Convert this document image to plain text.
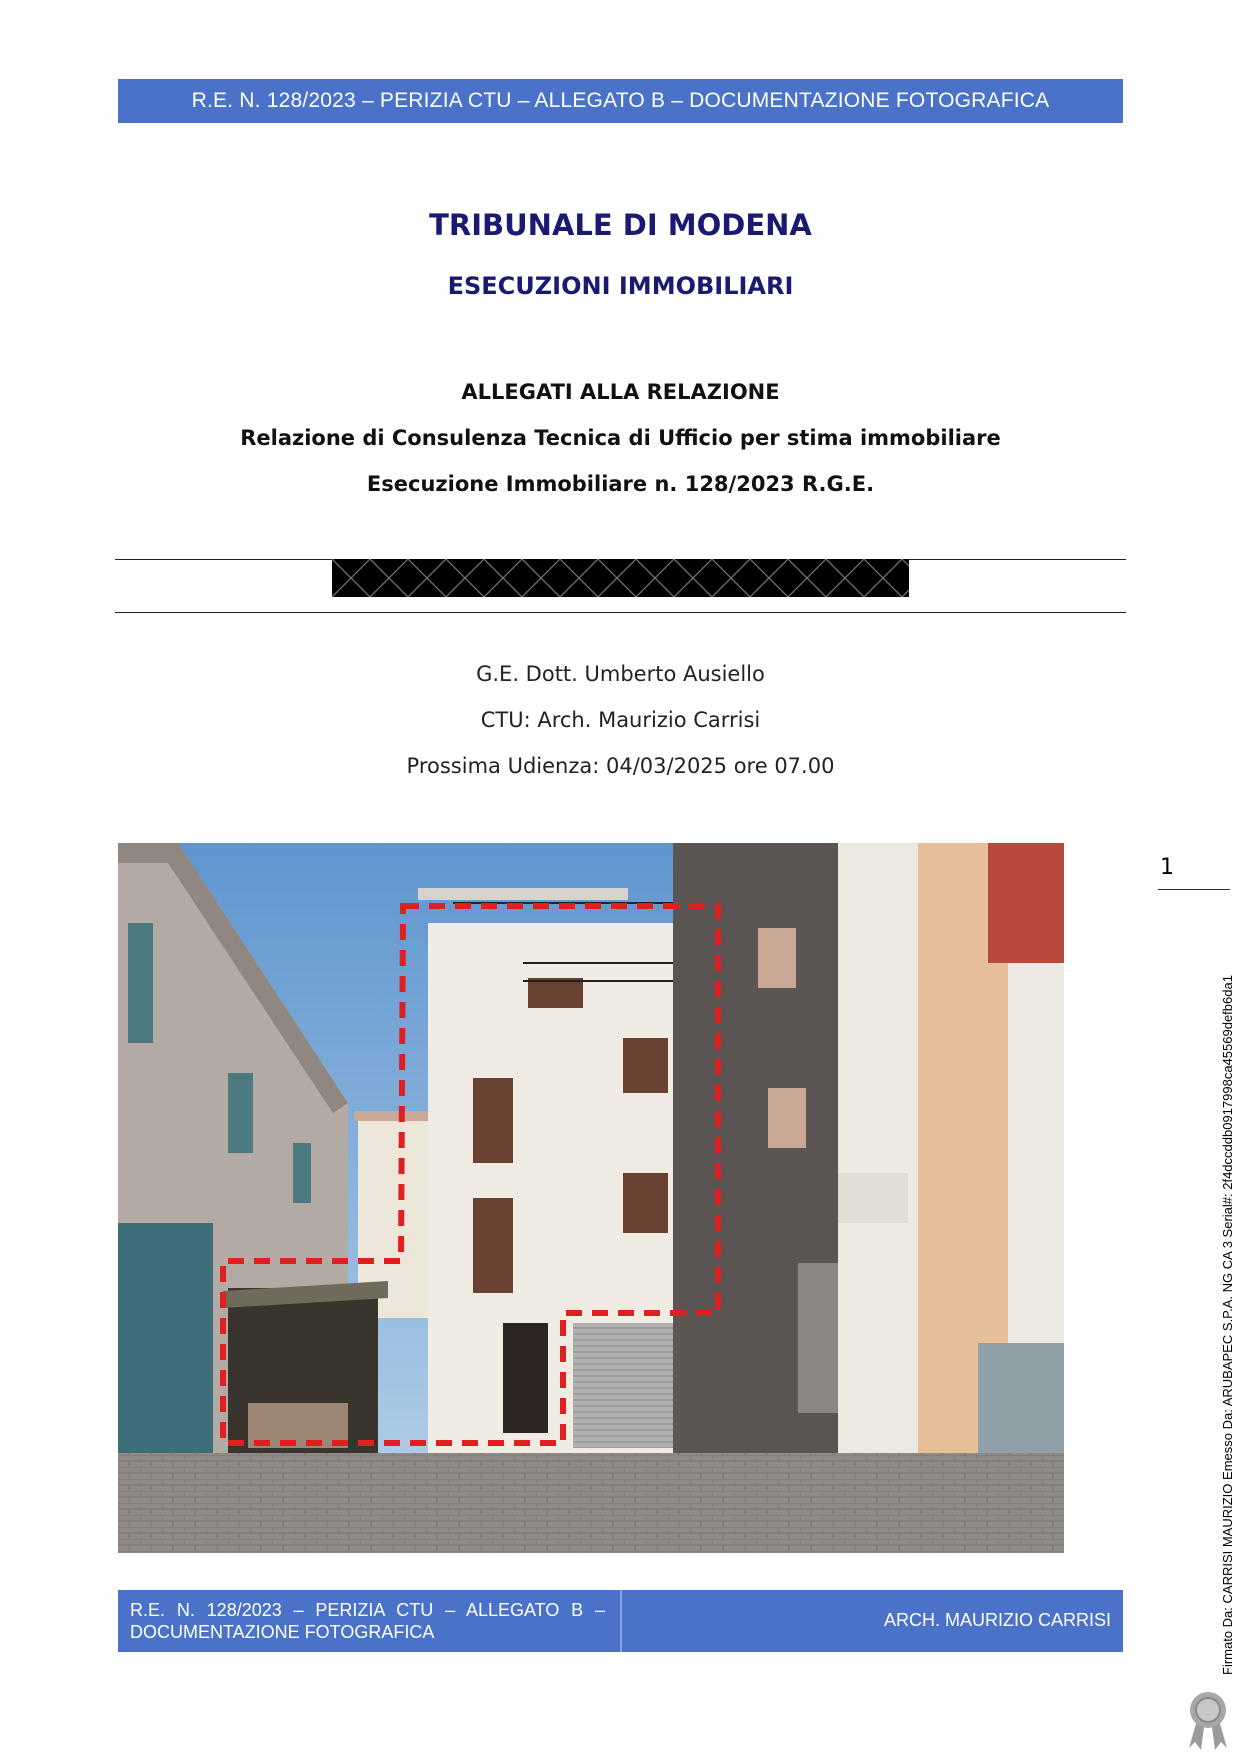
R.E. N. 128/2023 – PERIZIA CTU – ALLEGATO B – DOCUMENTAZIONE FOTOGRAFICA
TRIBUNALE DI MODENA
ESECUZIONI IMMOBILIARI
ALLEGATI ALLA RELAZIONE
Relazione di Consulenza Tecnica di Ufficio per stima immobiliare
Esecuzione Immobiliare n. 128/2023 R.G.E.
G.E. Dott. Umberto Ausiello
CTU: Arch. Maurizio Carrisi
Prossima Udienza: 04/03/2025 ore 07.00
1
Firmato Da: CARRISI MAURIZIO Emesso Da: ARUBAPEC S.P.A. NG CA 3 Serial#: 2f4dccddb0917998ca45569defb6da1
R.E. N. 128/2023 – PERIZIA CTU – ALLEGATO B – DOCUMENTAZIONE FOTOGRAFICA
ARCH. MAURIZIO CARRISI
